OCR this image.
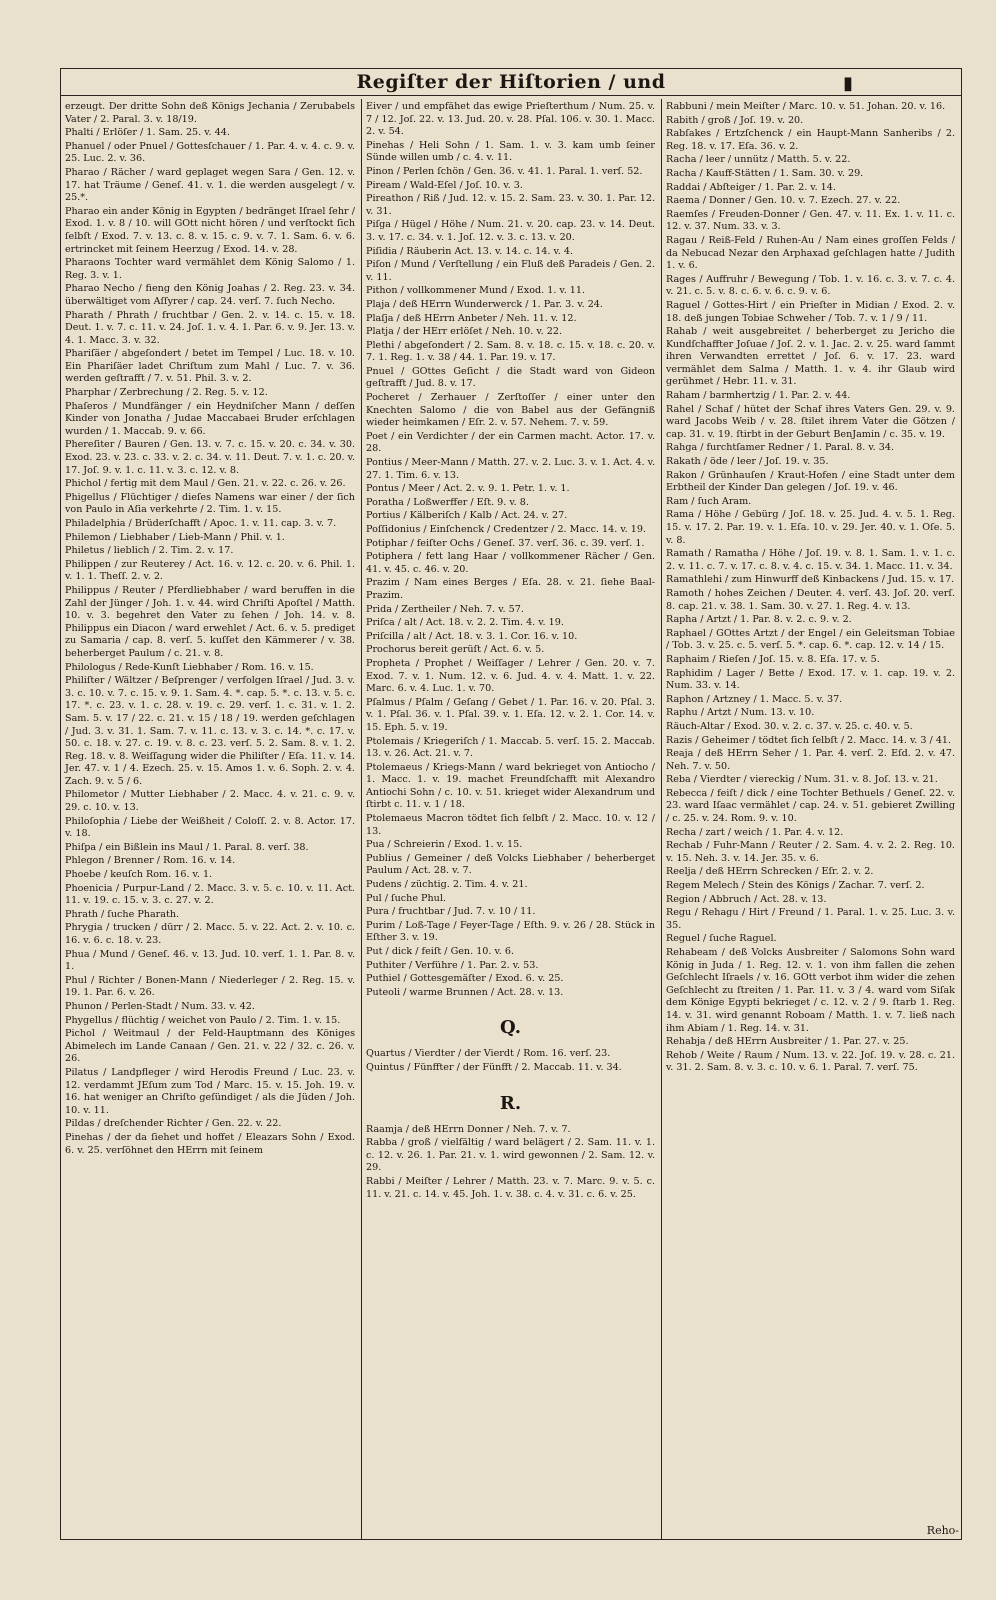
Regiſter der Hiſtorien / und	▮
erzeugt. Der dritte Sohn deß Königs Jechania / Zerubabels Vater / 2. Paral. 3. v. 18/19.
Phalti / Erlöſer / 1. Sam. 25. v. 44.
Phanuel / oder Pnuel / Gottesſchauer / 1. Par. 4. v. 4. c. 9. v. 25. Luc. 2. v. 36.
Pharao / Rächer / ward geplaget wegen Sara / Gen. 12. v. 17. hat Träume / Geneſ. 41. v. 1. die werden ausgelegt / v. 25.*.
Pharao ein ander König in Egypten / bedränget Iſrael ſehr / Exod. 1. v. 8 / 10. will GOtt nicht hören / und verſtockt ſich ſelbſt / Exod. 7. v. 13. c. 8. v. 15. c. 9. v. 7. 1. Sam. 6. v. 6. ertrincket mit ſeinem Heerzug / Exod. 14. v. 28.
Pharaons Tochter ward vermählet dem König Salomo / 1. Reg. 3. v. 1.
Pharao Necho / fieng den König Joahas / 2. Reg. 23. v. 34. überwältiget vom Aſſyrer / cap. 24. verſ. 7. ſuch Necho.
Pharath / Phrath / fruchtbar / Gen. 2. v. 14. c. 15. v. 18. Deut. 1. v. 7. c. 11. v. 24. Joſ. 1. v. 4. 1. Par. 6. v. 9. Jer. 13. v. 4. 1. Macc. 3. v. 32.
Phariſäer / abgeſondert / betet im Tempel / Luc. 18. v. 10. Ein Phariſäer ladet Chriſtum zum Mahl / Luc. 7. v. 36. werden geſtrafft / 7. v. 51. Phil. 3. v. 2.
Pharphar / Zerbrechung / 2. Reg. 5. v. 12.
Phaſeros / Mundfänger / ein Heydniſcher Mann / deſſen Kinder von Jonatha / Judae Maccabaei Bruder erſchlagen wurden / 1. Maccab. 9. v. 66.
Phereſiter / Bauren / Gen. 13. v. 7. c. 15. v. 20. c. 34. v. 30. Exod. 23. v. 23. c. 33. v. 2. c. 34. v. 11. Deut. 7. v. 1. c. 20. v. 17. Joſ. 9. v. 1. c. 11. v. 3. c. 12. v. 8.
Phichol / fertig mit dem Maul / Gen. 21. v. 22. c. 26. v. 26.
Phigellus / Flüchtiger / dieſes Namens war einer / der ſich von Paulo in Aſia verkehrte / 2. Tim. 1. v. 15.
Philadelphia / Brüderſchafft / Apoc. 1. v. 11. cap. 3. v. 7.
Philemon / Liebhaber / Lieb-Mann / Phil. v. 1.
Philetus / lieblich / 2. Tim. 2. v. 17.
Philippen / zur Reuterey / Act. 16. v. 12. c. 20. v. 6. Phil. 1. v. 1. 1. Theſſ. 2. v. 2.
Philippus / Reuter / Pferdliebhaber / ward beruffen in die Zahl der Jünger / Joh. 1. v. 44. wird Chriſti Apoſtel / Matth. 10. v. 3. begehret den Vater zu ſehen / Joh. 14. v. 8. Philippus ein Diacon / ward erwehlet / Act. 6. v. 5. prediget zu Samaria / cap. 8. verſ. 5. kuſſet den Kämmerer / v. 38. beherberget Paulum / c. 21. v. 8.
Philologus / Rede-Kunſt Liebhaber / Rom. 16. v. 15.
Philiſter / Wältzer / Beſprenger / verfolgen Iſrael / Jud. 3. v. 3. c. 10. v. 7. c. 15. v. 9. 1. Sam. 4. *. cap. 5. *. c. 13. v. 5. c. 17. *. c. 23. v. 1. c. 28. v. 19. c. 29. verſ. 1. c. 31. v. 1. 2. Sam. 5. v. 17 / 22. c. 21. v. 15 / 18 / 19. werden geſchlagen / Jud. 3. v. 31. 1. Sam. 7. v. 11. c. 13. v. 3. c. 14. *. c. 17. v. 50. c. 18. v. 27. c. 19. v. 8. c. 23. verſ. 5. 2. Sam. 8. v. 1. 2. Reg. 18. v. 8. Weiſſagung wider die Philiſter / Eſa. 11. v. 14. Jer. 47. v. 1 / 4. Ezech. 25. v. 15. Amos 1. v. 6. Soph. 2. v. 4. Zach. 9. v. 5 / 6.
Philometor / Mutter Liebhaber / 2. Macc. 4. v. 21. c. 9. v. 29. c. 10. v. 13.
Philoſophia / Liebe der Weißheit / Coloſſ. 2. v. 8. Actor. 17. v. 18.
Phiſpa / ein Bißlein ins Maul / 1. Paral. 8. verſ. 38.
Phlegon / Brenner / Rom. 16. v. 14.
Phoebe / keuſch Rom. 16. v. 1.
Phoenicia / Purpur-Land / 2. Macc. 3. v. 5. c. 10. v. 11. Act. 11. v. 19. c. 15. v. 3. c. 27. v. 2.
Phrath / ſuche Pharath.
Phrygia / trucken / dürr / 2. Macc. 5. v. 22. Act. 2. v. 10. c. 16. v. 6. c. 18. v. 23.
Phua / Mund / Geneſ. 46. v. 13. Jud. 10. verſ. 1. 1. Par. 8. v. 1.
Phul / Richter / Bonen-Mann / Niederleger / 2. Reg. 15. v. 19. 1. Par. 6. v. 26.
Phunon / Perlen-Stadt / Num. 33. v. 42.
Phygellus / flüchtig / weichet von Paulo / 2. Tim. 1. v. 15.
Pichol / Weitmaul / der Feld-Hauptmann des Königes Abimelech im Lande Canaan / Gen. 21. v. 22 / 32. c. 26. v. 26.
Pilatus / Landpfleger / wird Herodis Freund / Luc. 23. v. 12. verdammt JEſum zum Tod / Marc. 15. v. 15. Joh. 19. v. 16. hat weniger an Chriſto geſündiget / als die Jüden / Joh. 10. v. 11.
Pildas / dreſchender Richter / Gen. 22. v. 22.
Pinehas / der da ſiehet und hoffet / Eleazars Sohn / Exod. 6. v. 25. verſöhnet den HErrn mit ſeinem
Eiver / und empfähet das ewige Prieſterthum / Num. 25. v. 7 / 12. Joſ. 22. v. 13. Jud. 20. v. 28. Pſal. 106. v. 30. 1. Macc. 2. v. 54.
Pinehas / Heli Sohn / 1. Sam. 1. v. 3. kam umb ſeiner Sünde willen umb / c. 4. v. 11.
Pinon / Perlen ſchön / Gen. 36. v. 41. 1. Paral. 1. verſ. 52.
Piream / Wald-Eſel / Joſ. 10. v. 3.
Pireathon / Riß / Jud. 12. v. 15. 2. Sam. 23. v. 30. 1. Par. 12. v. 31.
Piſga / Hügel / Höhe / Num. 21. v. 20. cap. 23. v. 14. Deut. 3. v. 17. c. 34. v. 1. Joſ. 12. v. 3. c. 13. v. 20.
Piſidia / Räuberin Act. 13. v. 14. c. 14. v. 4.
Piſon / Mund / Verſtellung / ein Fluß deß Paradeis / Gen. 2. v. 11.
Pithon / vollkommener Mund / Exod. 1. v. 11.
Plaja / deß HErrn Wunderwerck / 1. Par. 3. v. 24.
Plaſja / deß HErrn Anbeter / Neh. 11. v. 12.
Platja / der HErr erlöſet / Neh. 10. v. 22.
Plethi / abgeſondert / 2. Sam. 8. v. 18. c. 15. v. 18. c. 20. v. 7. 1. Reg. 1. v. 38 / 44. 1. Par. 19. v. 17.
Pnuel / GOttes Geſicht / die Stadt ward von Gideon geſtrafft / Jud. 8. v. 17.
Pocheret / Zerhauer / Zerſtoſſer / einer unter den Knechten Salomo / die von Babel aus der Gefängniß wieder heimkamen / Eſr. 2. v. 57. Nehem. 7. v. 59.
Poet / ein Verdichter / der ein Carmen macht. Actor. 17. v. 28.
Pontius / Meer-Mann / Matth. 27. v. 2. Luc. 3. v. 1. Act. 4. v. 27. 1. Tim. 6. v. 13.
Pontus / Meer / Act. 2. v. 9. 1. Petr. 1. v. 1.
Poratha / Loßwerffer / Eſt. 9. v. 8.
Portius / Kälberiſch / Kalb / Act. 24. v. 27.
Poſſidonius / Einſchenck / Credentzer / 2. Macc. 14. v. 19.
Potiphar / feiſter Ochs / Geneſ. 37. verſ. 36. c. 39. verſ. 1.
Potiphera / fett lang Haar / vollkommener Rächer / Gen. 41. v. 45. c. 46. v. 20.
Prazim / Nam eines Berges / Eſa. 28. v. 21. ſiehe Baal-Prazim.
Prida / Zertheiler / Neh. 7. v. 57.
Priſca / alt / Act. 18. v. 2. 2. Tim. 4. v. 19.
Priſcilla / alt / Act. 18. v. 3. 1. Cor. 16. v. 10.
Prochorus bereit gerüſt / Act. 6. v. 5.
Propheta / Prophet / Weiſſager / Lehrer / Gen. 20. v. 7. Exod. 7. v. 1. Num. 12. v. 6. Jud. 4. v. 4. Matt. 1. v. 22. Marc. 6. v. 4. Luc. 1. v. 70.
Pſalmus / Pſalm / Geſang / Gebet / 1. Par. 16. v. 20. Pſal. 3. v. 1. Pſal. 36. v. 1. Pſal. 39. v. 1. Eſa. 12. v. 2. 1. Cor. 14. v. 15. Eph. 5. v. 19.
Ptolemais / Kriegeriſch / 1. Maccab. 5. verſ. 15. 2. Maccab. 13. v. 26. Act. 21. v. 7.
Ptolemaeus / Kriegs-Mann / ward bekrieget von Antiocho / 1. Macc. 1. v. 19. machet Freundſchafft mit Alexandro Antiochi Sohn / c. 10. v. 51. krieget wider Alexandrum und ſtirbt c. 11. v. 1 / 18.
Ptolemaeus Macron tödtet ſich ſelbſt / 2. Macc. 10. v. 12 / 13.
Pua / Schreierin / Exod. 1. v. 15.
Publius / Gemeiner / deß Volcks Liebhaber / beherberget Paulum / Act. 28. v. 7.
Pudens / züchtig. 2. Tim. 4. v. 21.
Pul / ſuche Phul.
Pura / fruchtbar / Jud. 7. v. 10 / 11.
Purim / Loß-Tage / Feyer-Tage / Eſth. 9. v. 26 / 28. Stück in Eſther 3. v. 19.
Put / dick / feiſt / Gen. 10. v. 6.
Puthiter / Verführe / 1. Par. 2. v. 53.
Puthiel / Gottesgemäſter / Exod. 6. v. 25.
Puteoli / warme Brunnen / Act. 28. v. 13.
Q.
Quartus / Vierdter / der Vierdt / Rom. 16. verſ. 23.
Quintus / Fünffter / der Fünfft / 2. Maccab. 11. v. 34.
R.
Raamja / deß HErrn Donner / Neh. 7. v. 7.
Rabba / groß / vielfältig / ward belägert / 2. Sam. 11. v. 1. c. 12. v. 26. 1. Par. 21. v. 1. wird gewonnen / 2. Sam. 12. v. 29.
Rabbi / Meiſter / Lehrer / Matth. 23. v. 7. Marc. 9. v. 5. c. 11. v. 21. c. 14. v. 45. Joh. 1. v. 38. c. 4. v. 31. c. 6. v. 25.
Rabbuni / mein Meiſter / Marc. 10. v. 51. Johan. 20. v. 16.
Rabith / groß / Joſ. 19. v. 20.
Rabſakes / Ertzſchenck / ein Haupt-Mann Sanheribs / 2. Reg. 18. v. 17. Eſa. 36. v. 2.
Racha / leer / unnütz / Matth. 5. v. 22.
Racha / Kauff-Stätten / 1. Sam. 30. v. 29.
Raddai / Abſteiger / 1. Par. 2. v. 14.
Raema / Donner / Gen. 10. v. 7. Ezech. 27. v. 22.
Raemſes / Freuden-Donner / Gen. 47. v. 11. Ex. 1. v. 11. c. 12. v. 37. Num. 33. v. 3.
Ragau / Reiß-Feld / Ruhen-Au / Nam eines groſſen Felds / da Nebucad Nezar den Arphaxad geſchlagen hatte / Judith 1. v. 6.
Rages / Auffruhr / Bewegung / Tob. 1. v. 16. c. 3. v. 7. c. 4. v. 21. c. 5. v. 8. c. 6. v. 6. c. 9. v. 6.
Raguel / Gottes-Hirt / ein Prieſter in Midian / Exod. 2. v. 18. deß jungen Tobiae Schweher / Tob. 7. v. 1 / 9 / 11.
Rahab / weit ausgebreitet / beherberget zu Jericho die Kundſchaffter Joſuae / Joſ. 2. v. 1. Jac. 2. v. 25. ward ſammt ihren Verwandten errettet / Joſ. 6. v. 17. 23. ward vermählet dem Salma / Matth. 1. v. 4. ihr Glaub wird gerühmet / Hebr. 11. v. 31.
Raham / barmhertzig / 1. Par. 2. v. 44.
Rahel / Schaf / hütet der Schaf ihres Vaters Gen. 29. v. 9. ward Jacobs Weib / v. 28. ſtilet ihrem Vater die Götzen / cap. 31. v. 19. ſtirbt in der Geburt BenJamin / c. 35. v. 19.
Rahga / furchtſamer Redner / 1. Paral. 8. v. 34.
Rakath / öde / leer / Joſ. 19. v. 35.
Rakon / Grünhauſen / Kraut-Hofen / eine Stadt unter dem Erbtheil der Kinder Dan gelegen / Joſ. 19. v. 46.
Ram / ſuch Aram.
Rama / Höhe / Gebürg / Joſ. 18. v. 25. Jud. 4. v. 5. 1. Reg. 15. v. 17. 2. Par. 19. v. 1. Eſa. 10. v. 29. Jer. 40. v. 1. Oſe. 5. v. 8.
Ramath / Ramatha / Höhe / Joſ. 19. v. 8. 1. Sam. 1. v. 1. c. 2. v. 11. c. 7. v. 17. c. 8. v. 4. c. 15. v. 34. 1. Macc. 11. v. 34.
Ramathlehi / zum Hinwurff deß Kinbackens / Jud. 15. v. 17.
Ramoth / hohes Zeichen / Deuter. 4. verſ. 43. Joſ. 20. verſ. 8. cap. 21. v. 38. 1. Sam. 30. v. 27. 1. Reg. 4. v. 13.
Rapha / Artzt / 1. Par. 8. v. 2. c. 9. v. 2.
Raphael / GOttes Artzt / der Engel / ein Geleitsman Tobiae / Tob. 3. v. 25. c. 5. verſ. 5. *. cap. 6. *. cap. 12. v. 14 / 15.
Raphaim / Rieſen / Joſ. 15. v. 8. Eſa. 17. v. 5.
Raphidim / Lager / Bette / Exod. 17. v. 1. cap. 19. v. 2. Num. 33. v. 14.
Raphon / Artzney / 1. Macc. 5. v. 37.
Raphu / Artzt / Num. 13. v. 10.
Räuch-Altar / Exod. 30. v. 2. c. 37. v. 25. c. 40. v. 5.
Razis / Geheimer / tödtet ſich ſelbſt / 2. Macc. 14. v. 3 / 41.
Reaja / deß HErrn Seher / 1. Par. 4. verſ. 2. Eſd. 2. v. 47. Neh. 7. v. 50.
Reba / Vierdter / viereckig / Num. 31. v. 8. Joſ. 13. v. 21.
Rebecca / feiſt / dick / eine Tochter Bethuels / Geneſ. 22. v. 23. ward Iſaac vermählet / cap. 24. v. 51. gebieret Zwilling / c. 25. v. 24. Rom. 9. v. 10.
Recha / zart / weich / 1. Par. 4. v. 12.
Rechab / Fuhr-Mann / Reuter / 2. Sam. 4. v. 2. 2. Reg. 10. v. 15. Neh. 3. v. 14. Jer. 35. v. 6.
Reelja / deß HErrn Schrecken / Eſr. 2. v. 2.
Regem Melech / Stein des Königs / Zachar. 7. verſ. 2.
Region / Abbruch / Act. 28. v. 13.
Regu / Rehagu / Hirt / Freund / 1. Paral. 1. v. 25. Luc. 3. v. 35.
Reguel / ſuche Raguel.
Rehabeam / deß Volcks Ausbreiter / Salomons Sohn ward König in Juda / 1. Reg. 12. v. 1. von ihm fallen die zehen Geſchlecht Iſraels / v. 16. GOtt verbot ihm wider die zehen Geſchlecht zu ſtreiten / 1. Par. 11. v. 3 / 4. ward vom Siſak dem Könige Egypti bekrieget / c. 12. v. 2 / 9. ſtarb 1. Reg. 14. v. 31. wird genannt Roboam / Matth. 1. v. 7. ließ nach ihm Abiam / 1. Reg. 14. v. 31.
Rehabja / deß HErrn Ausbreiter / 1. Par. 27. v. 25.
Rehob / Weite / Raum / Num. 13. v. 22. Joſ. 19. v. 28. c. 21. v. 31. 2. Sam. 8. v. 3. c. 10. v. 6. 1. Paral. 7. verſ. 75.
Reho-
